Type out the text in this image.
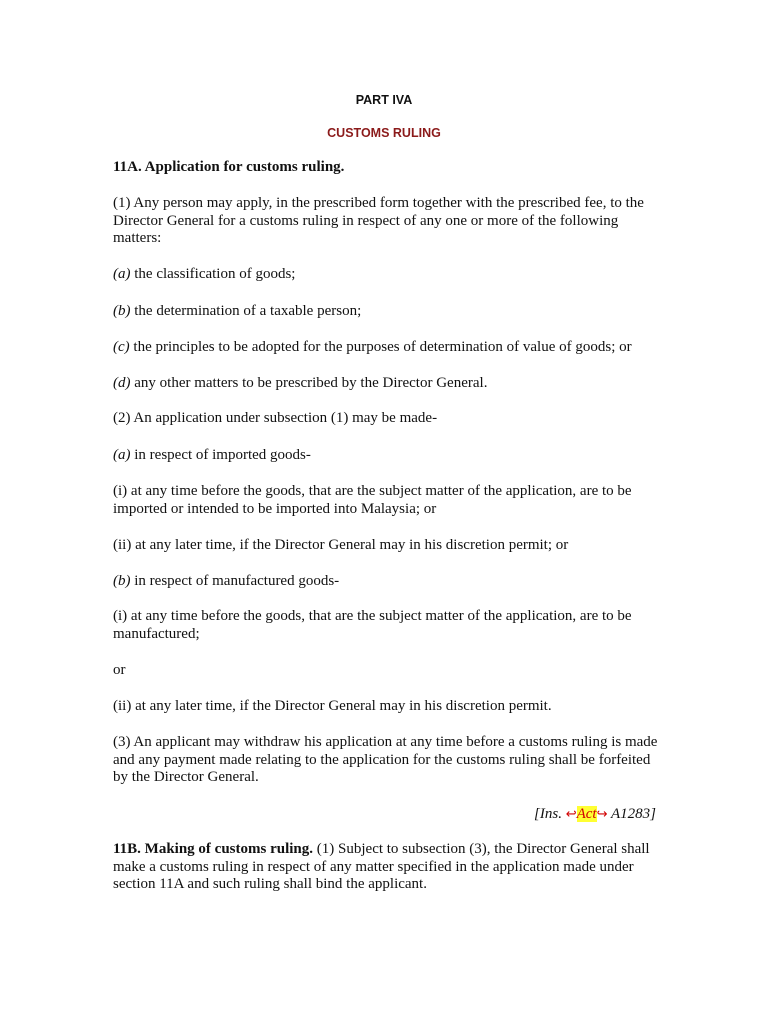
PART IVA
CUSTOMS RULING

11A. Application for customs ruling.

(1) Any person may apply, in the prescribed form together with the prescribed fee, to the Director General for a customs ruling in respect of any one or more of the following matters:

(a) the classification of goods;

(b) the determination of a taxable person;

(c) the principles to be adopted for the purposes of determination of value of goods; or

(d) any other matters to be prescribed by the Director General.

(2) An application under subsection (1) may be made-

(a) in respect of imported goods-

(i) at any time before the goods, that are the subject matter of the application, are to be imported or intended to be imported into Malaysia; or

(ii) at any later time, if the Director General may in his discretion permit; or

(b) in respect of manufactured goods-

(i) at any time before the goods, that are the subject matter of the application, are to be manufactured;

or

(ii) at any later time, if the Director General may in his discretion permit.

(3) An applicant may withdraw his application at any time before a customs ruling is made and any payment made relating to the application for the customs ruling shall be forfeited by the Director General.

[Ins. ↩Act↪ A1283]

11B. Making of customs ruling. (1) Subject to subsection (3), the Director General shall make a customs ruling in respect of any matter specified in the application made under section 11A and such ruling shall bind the applicant.
